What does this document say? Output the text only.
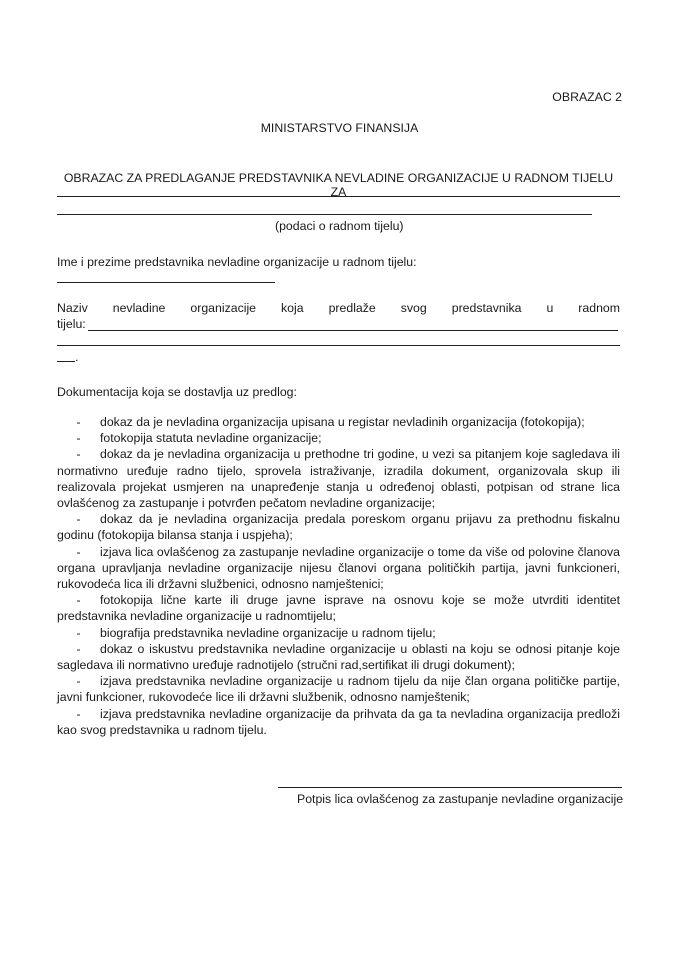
OBRAZAC 2
MINISTARSTVO FINANSIJA
OBRAZAC ZA PREDLAGANJE PREDSTAVNIKA NEVLADINE ORGANIZACIJE U RADNOM TIJELU ZA
(podaci o radnom tijelu)
Ime i prezime predstavnika nevladine organizacije u radnom tijelu:
Naziv nevladine organizacije koja predlaže svog predstavnika u radnom
tijelu:
.
Dokumentacija koja se dostavlja uz predlog:

- dokaz da je nevladina organizacija upisana u registar nevladinih organizacija (fotokopija);

- fotokopija statuta nevladine organizacije;

- dokaz da je nevladina organizacija u prethodne tri godine, u vezi sa pitanjem koje sagledava ili normativno uređuje radno tijelo, sprovela istraživanje, izradila dokument, organizovala skup ili realizovala projekat usmjeren na unapređenje stanja u određenoj oblasti, potpisan od strane lica ovlašćenog za zastupanje i potvrđen pečatom nevladine organizacije;

- dokaz da je nevladina organizacija predala poreskom organu prijavu za prethodnu fiskalnu godinu (fotokopija bilansa stanja i uspjeha);

- izjava lica ovlašćenog za zastupanje nevladine organizacije o tome da više od polovine članova organa upravljanja nevladine organizacije nijesu članovi organa političkih partija, javni funkcioneri, rukovodeća lica ili državni službenici, odnosno namještenici;

- fotokopija lične karte ili druge javne isprave na osnovu koje se može utvrditi identitet predstavnika nevladine organizacije u radnomtijelu;

- biografija predstavnika nevladine organizacije u radnom tijelu;

- dokaz o iskustvu predstavnika nevladine organizacije u oblasti na koju se odnosi pitanje koje sagledava ili normativno uređuje radnotijelo (stručni rad,sertifikat ili drugi dokument);

- izjava predstavnika nevladine organizacije u radnom tijelu da nije član organa političke partije, javni funkcioner, rukovodeće lice ili državni službenik, odnosno namještenik;

- izjava predstavnika nevladine organizacije da prihvata da ga ta nevladina organizacija predloži kao svog predstavnika u radnom tijelu.

Potpis lica ovlašćenog za zastupanje nevladine organizacije
